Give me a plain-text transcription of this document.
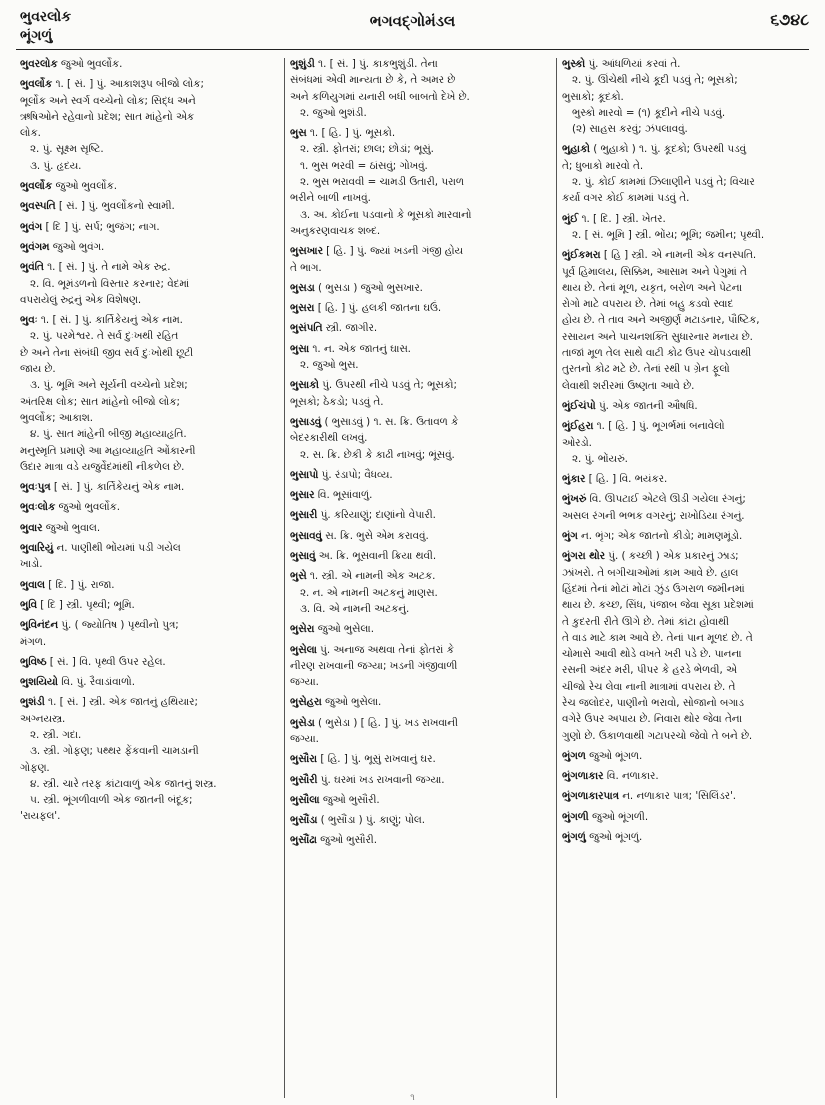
ભુવરલોક
ભૂંગળું
ભગવદ્ગોમંડલ	૬૭૪૮
ભુવરલોક જુઓ ભુવર્લોક.
ભુવર્લોક ૧. [ સં. ] પું. આકાશરૂપ બીજો લોક;
ભૂર્લોક અને સ્વર્ગ વચ્ચેનો લોક; સિદ્ધ અને
ઋષિઓને રહેવાનો પ્રદેશ; સાત માંહેનો એક
લોક.
૨. પું. સૂક્ષ્મ સૃષ્ટિ.
૩. પું. હૃદય.
ભુવર્લોક જુઓ ભુવર્લોક.
ભુવસ્પતિ [ સં. ] પું. ભુવર્લોકનો સ્વામી.
ભુવંગ [ દિ ] પું. સર્પ; ભુજંગ; નાગ.
ભુવંગમ જુઓ ભુવંગ.
ભુવંતિ ૧. [ સં. ] પું. તે નામે એક રુદ્ર.
૨. વિ. ભૂમંડળનો વિસ્તાર કરનાર; વેદમાં
વપરાયેલું રુદ્રનું એક વિશેષણ.
ભુવઃ ૧. [ સં. ] પું. કાર્તિકેયનું એક નામ.
૨. પું. પરમેશ્વર. તે સર્વ દુઃખથી રહિત
છે અને તેના સંબંધી જીવ સર્વ દુઃખોથી છૂટી
જાય છે.
૩. પું. ભૂમિ અને સૂર્યની વચ્ચેનો પ્રદેશ;
અંતરિક્ષ લોક; સાત માંહેનો બીજો લોક;
ભુવર્લોક; આકાશ.
૪. પું. સાત માંહેની બીજી મહાવ્યાહૃતિ.
મનુસ્મૃતિ પ્રમાણે આ મહાવ્યાહૃતિ ઓંકારની
ઉદાર માત્રા વડે યજુર્વેદમાંથી નીકળેલ છે.
ભુવઃપુત્ર [ સં. ] પું. કાર્તિકેયનું એક નામ.
ભુવઃલોક જુઓ ભુવર્લોક.
ભુવાર જુઓ ભુવાલ.
ભુવારિયું ન. પાણીથી ભોંયમાં પડી ગયેલ
ખાડો.
ભુવાલ [ દિ. ] પું. રાજા.
ભુવિ [ દિ ] સ્ત્રી. પૃથ્વી; ભૂમિ.
ભુવિનંદન પું. ( જ્યોતિષ ) પૃથ્વીનો પુત્ર;
મંગળ.
ભુવિષ્ઠ [ સં. ] વિ. પૃથ્વી ઉપર રહેલ.
ભુશયિયો વિ. પું. રૈવાડાંવાળો.
ભુશંડી ૧. [ સં. ] સ્ત્રી. એક જાતનું હથિયાર;
અગ્નયસ્ત્ર.
૨. સ્ત્રી. ગદા.
૩. સ્ત્રી. ગોફણ; પથ્થર ફેંકવાની ચામડાની
ગોફણ.
૪. સ્ત્રી. ચારે તરફ કાંટાવાળું એક જાતનું શસ્ત્ર.
૫. સ્ત્રી. ભૂંગળીવાળી એક જાતની બંદૂક;
'રાયફલ'.
ભુશુંડી ૧. [ સં. ] પું. કાકભુશુંડી. તેના
સંબંધમાં એવી માન્યતા છે કે, તે અમર છે
અને કળિયુગમાં યનારી બધી બાબતો દેખે છે.
૨. જુઓ ભુશંડી.
ભુસ ૧. [ હિ. ] પું. ભૂસકો.
૨. સ્ત્રી. ફોતરાં; છાલ; છોડાં; ભૂસું.
૧. ભુસ ભરવી = ઠાંસવું; ગોખવું.
૨. ભુસ ભરાવવી = ચામડી ઉતારી, પરાળ
ભરીને બાળી નાખવું.
૩. અ. કોઈના પડવાનો કે ભૂસકો મારવાનો
અનુકરણવાચક શબ્દ.
ભુસખાર [ હિ. ] પું. જ્યાં ખડની ગંજી હોય
તે ભાગ.
ભુસડા ( ભુસડા ) જુઓ ભુસખાર.
ભુસરા [ હિ. ] પું. હલકી જાતના ઘઉં.
ભુસંપતિ સ્ત્રી. જાગીર.
ભુસા ૧. ન. એક જાતનું ઘાસ.
૨. જુઓ ભુસ.
ભુસાકો પું. ઉપરથી નીચે પડવું તે; ભૂસકો;
ભૂસકો; ઠેકડો; પડવું તે.
ભુસાડવું ( ભુસાડવું ) ૧. સ. ક્રિ. ઉતાવળ કે
બેદરકારીથી લખવું.
૨. સ. ક્રિ. છેકી કે કાઢી નાખવું; ભૂંસવું.
ભુસાપો પું. રંડાપો; વૈધવ્ય.
ભુસાર વિ. ભૂસાંવાળું.
ભુસારી પું. કરિયાણું; દાણાંનો વેપારી.
ભુસાવવું સ. ક્રિ. ભુસે એમ કરાવવું.
ભુસાવું અ. ક્રિ. ભૂસવાની ક્રિયા થવી.
ભુસે ૧. સ્ત્રી. એ નામની એક અટક.
૨. ન. એ નામની અટકનું માણસ.
૩. વિ. એ નામની અટકનું.
ભુસેરા જુઓ ભુસેલા.
ભુસેલા પું. અનાજ અથવા તેનાં ફોતરાં કે
નીરણ રાખવાની જગ્યા; ખડની ગંજીવાળી
જગ્યા.
ભુસેહરા જુઓ ભુસેલા.
ભુસેડા ( ભુસેડા ) [ હિ. ] પું. ખડ રાખવાની
જગ્યા.
ભુસૌરા [ હિ. ] પું. ભૂસું રાખવાનું ઘર.
ભુસૌરી પું. ઘરમાં ખડ રાખવાની જગ્યા.
ભુસૌલા જુઓ ભુસૌરી.
ભુસૌંડા ( ભુસૌંડા ) પું. કાણું; પોલ.
ભુસૌંઢા જુઓ ભુસૌરી.
ભુસ્કો પું. આંધળિયાં કરવાં તે.
૨. પું. ઊંચેથી નીચે કૂદી પડવું તે; ભૂસકો;
ભુસાકો; કૂદકો.
ભુસ્કો મારવો = (૧) કૂદીને નીચે પડવું.
(૨) સાહસ કરવું; ઝંપલાવવું.
ભુહાકો ( ભુહાકો ) ૧. પું. કૂદકો; ઉપરથી પડવું
તે; ધુબાકો મારવો તે.
૨. પું. કોઈ કામમાં ઝિલાણીને પડવું તે; વિચાર
કર્યા વગર કોઈ કામમાં પડવું તે.
ભુંઈ ૧. [ દિ. ] સ્ત્રી. ખેતર.
૨. [ સં. ભૂમિ ] સ્ત્રી. ભોંય; ભૂમિ; જમીન; પૃથ્વી.
ભુંઈકમરા [ હિ ] સ્ત્રી. એ નામની એક વનસ્પતિ.
પૂર્વ હિમાલય, સિક્કિમ, આસામ અને પેગુમાં તે
થાય છે. તેનાં મૂળ, યકૃત, બરોળ અને પેટના
રોગો માટે વપરાય છે. તેમાં બહુ કડવો સ્વાદ
હોય છે. તે તાવ અને અજીર્ણ મટાડનાર, પૌષ્ટિક,
રસાયન અને પાચનશક્તિ સુધારનાર મનાય છે.
તાજાં મૂળ તેલ સાથે વાટી કોઢ ઉપર ચોપડવાથી
તુરતનો કોઢ મટે છે. તેનાં રથી ૫ ગ્રેન ફૂલો
લેવાથી શરીરમાં ઉષ્ણતા આવે છે.
ભુંઈચંપો પું. એક જાતની ઔષધિ.
ભુંઈહરા ૧. [ હિ. ] પું. ભૂગર્ભમાં બનાવેલો
ઓરડો.
૨. પું. ભોંયરું.
ભુંકાર [ હિ. ] વિ. ભયંકર.
ભુંખરું વિ. ઊપટાઈ એટલે ઊડી ગયેલા રંગનું;
અસલ રંગની ભભક વગરનું; રાખોડિયા રંગનું.
ભુંગ ન. ભૃંગ; એક જાતનો કીડો; મામણમૂંડો.
ભુંગરા થોર પું. ( કચ્છી ) એક પ્રકારનું ઝાડ;
ઝાંખરો. તે બગીચાઓમાં કામ આવે છે. હાલ
હિંદમાં તેનાં મોટાં મોટાં ઝુંડ ઉગરાળ જમીનમાં
થાય છે. કચ્છ, સિંધ, પંજાબ જેવા સૂકા પ્રદેશમાં
તે કુદરતી રીતે ઊગે છે. તેમાં કાંટા હોવાથી
તે વાડ માટે કામ આવે છે. તેનાં પાન મૂળદ છે. તે
ચોમાસે આવી થોડે વખતે ખરી પડે છે. પાનના
રસની અંદર મરી, પીપર કે હરડે ભેળવી, એ
ચીજો રેચ લેવા નાની માત્રામાં વપરાય છે. તે
રેચ જલોદર, પાણીનો ભરાવો, સોજાનો બગાડ
વગેરે ઉપર અપાય છે. નિવારા થોર જેવા તેના
ગુણો છે. ઉકાળવાથી ગટાપરચો જેવો તે બને છે.
ભુંગળ જુઓ ભૂંગળ.
ભુંગળાકાર વિ. નળાકાર.
ભુંગળાકારપાત્ર ન. નળાકાર પાત્ર; 'સિલિંડર'.
ભુંગળી જુઓ ભૂંગળી.
ભુંગળું જુઓ ભૂંગળું.
૧
